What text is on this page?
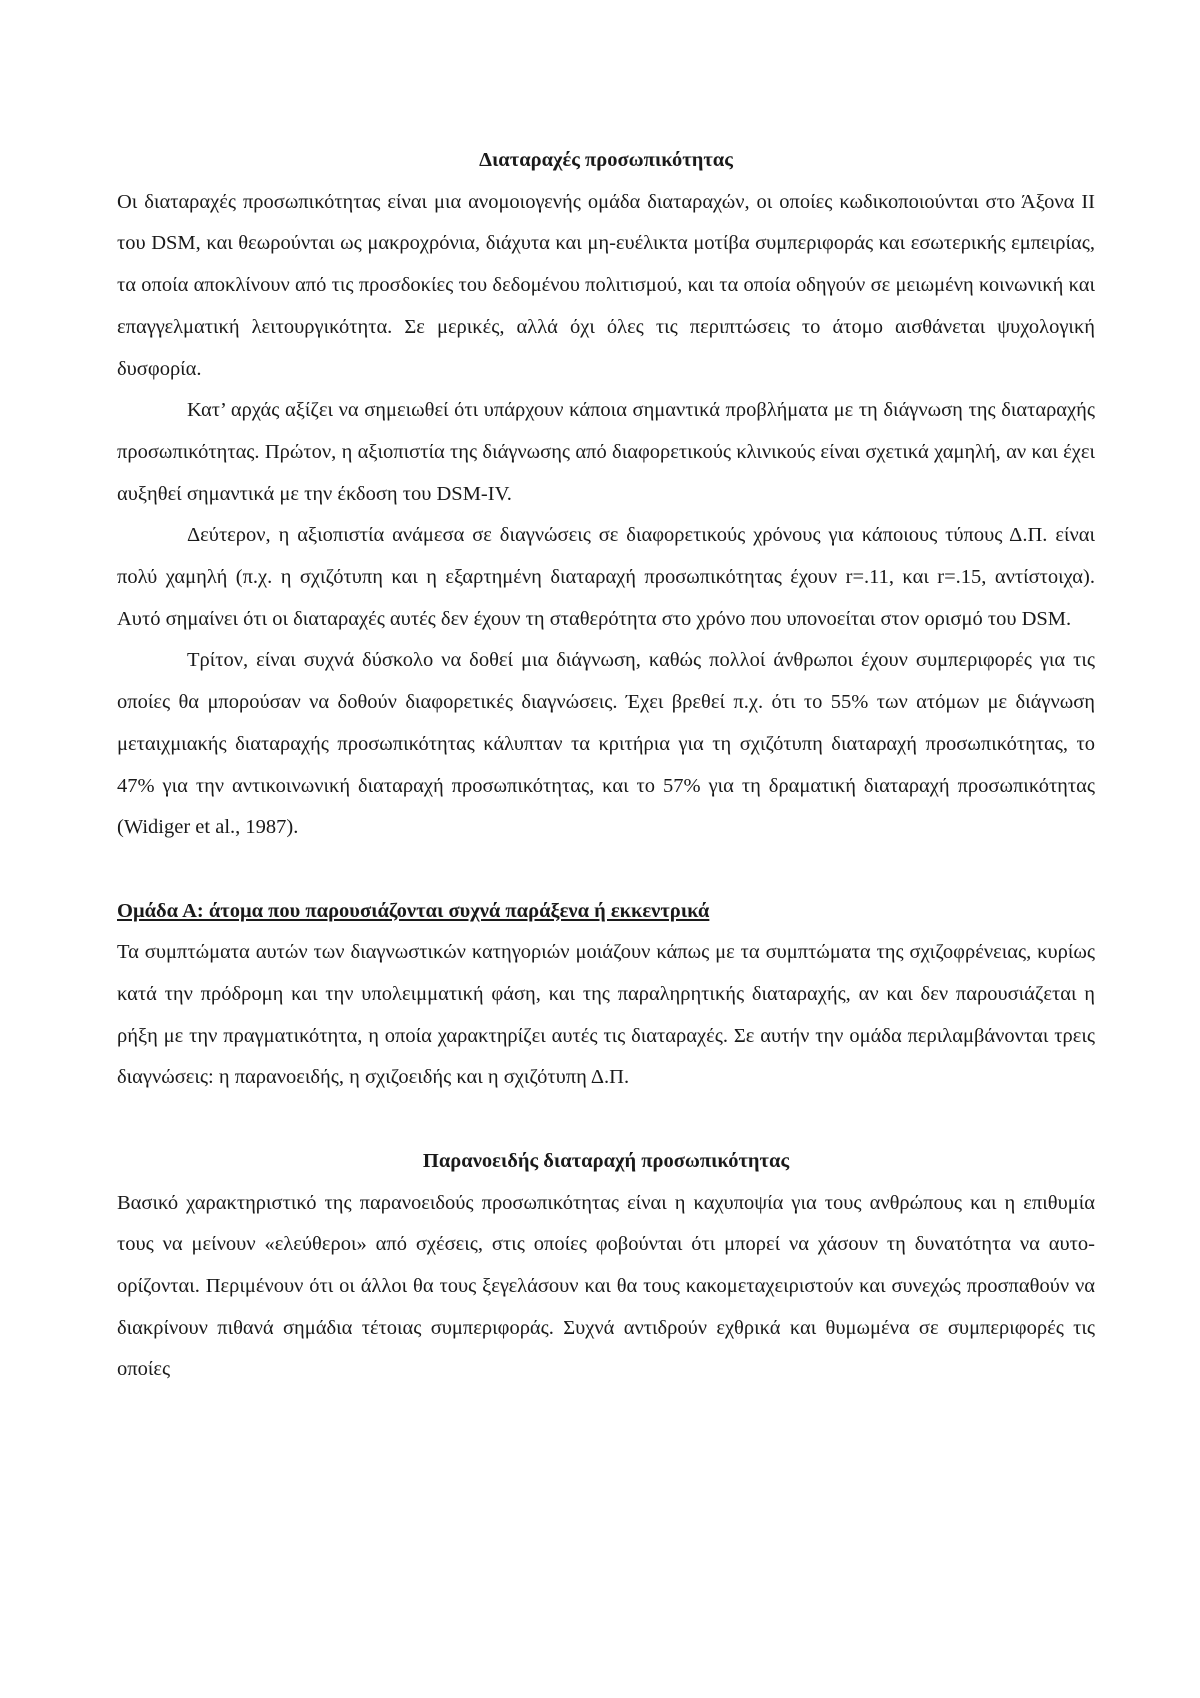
Διαταραχές προσωπικότητας

Οι διαταραχές προσωπικότητας είναι μια ανομοιογενής ομάδα διαταραχών, οι οποίες κωδικοποιούνται στο Άξονα ΙΙ του DSM, και θεωρούνται ως μακροχρόνια, διάχυτα και μη-ευέλικτα μοτίβα συμπεριφοράς και εσωτερικής εμπειρίας, τα οποία αποκλίνουν από τις προσδοκίες του δεδομένου πολιτισμού, και τα οποία οδηγούν σε μειωμένη κοινωνική και επαγγελματική λειτουργικότητα. Σε μερικές, αλλά όχι όλες τις περιπτώσεις το άτομο αισθάνεται ψυχολογική δυσφορία.

Κατ’ αρχάς αξίζει να σημειωθεί ότι υπάρχουν κάποια σημαντικά προβλήματα με τη διάγνωση της διαταραχής προσωπικότητας. Πρώτον, η αξιοπιστία της διάγνωσης από διαφορετικούς κλινικούς είναι σχετικά χαμηλή, αν και έχει αυξηθεί σημαντικά με την έκδοση του DSM-IV.

Δεύτερον, η αξιοπιστία ανάμεσα σε διαγνώσεις σε διαφορετικούς χρόνους για κάποιους τύπους Δ.Π. είναι πολύ χαμηλή (π.χ. η σχιζότυπη και η εξαρτημένη διαταραχή προσωπικότητας έχουν r=.11, και r=.15, αντίστοιχα). Αυτό σημαίνει ότι οι διαταραχές αυτές δεν έχουν τη σταθερότητα στο χρόνο που υπονοείται στον ορισμό του DSM.

Τρίτον, είναι συχνά δύσκολο να δοθεί μια διάγνωση, καθώς πολλοί άνθρωποι έχουν συμπεριφορές για τις οποίες θα μπορούσαν να δοθούν διαφορετικές διαγνώσεις. Έχει βρεθεί π.χ. ότι το 55% των ατόμων με διάγνωση μεταιχμιακής διαταραχής προσωπικότητας κάλυπταν τα κριτήρια για τη σχιζότυπη διαταραχή προσωπικότητας, το 47% για την αντικοινωνική διαταραχή προσωπικότητας, και το 57% για τη δραματική διαταραχή προσωπικότητας (Widiger et al., 1987).

Ομάδα Α: άτομα που παρουσιάζονται συχνά παράξενα ή εκκεντρικά

Τα συμπτώματα αυτών των διαγνωστικών κατηγοριών μοιάζουν κάπως με τα συμπτώματα της σχιζοφρένειας, κυρίως κατά την πρόδρομη και την υπολειμματική φάση, και της παραληρητικής διαταραχής, αν και δεν παρουσιάζεται η ρήξη με την πραγματικότητα, η οποία χαρακτηρίζει αυτές τις διαταραχές. Σε αυτήν την ομάδα περιλαμβάνονται τρεις διαγνώσεις: η παρανοειδής, η σχιζοειδής και η σχιζότυπη Δ.Π.

Παρανοειδής διαταραχή προσωπικότητας

Βασικό χαρακτηριστικό της παρανοειδούς προσωπικότητας είναι η καχυποψία για τους ανθρώπους και η επιθυμία τους να μείνουν «ελεύθεροι» από σχέσεις, στις οποίες φοβούνται ότι μπορεί να χάσουν τη δυνατότητα να αυτο-ορίζονται. Περιμένουν ότι οι άλλοι θα τους ξεγελάσουν και θα τους κακομεταχειριστούν και συνεχώς προσπαθούν να διακρίνουν πιθανά σημάδια τέτοιας συμπεριφοράς. Συχνά αντιδρούν εχθρικά και θυμωμένα σε συμπεριφορές τις οποίες
